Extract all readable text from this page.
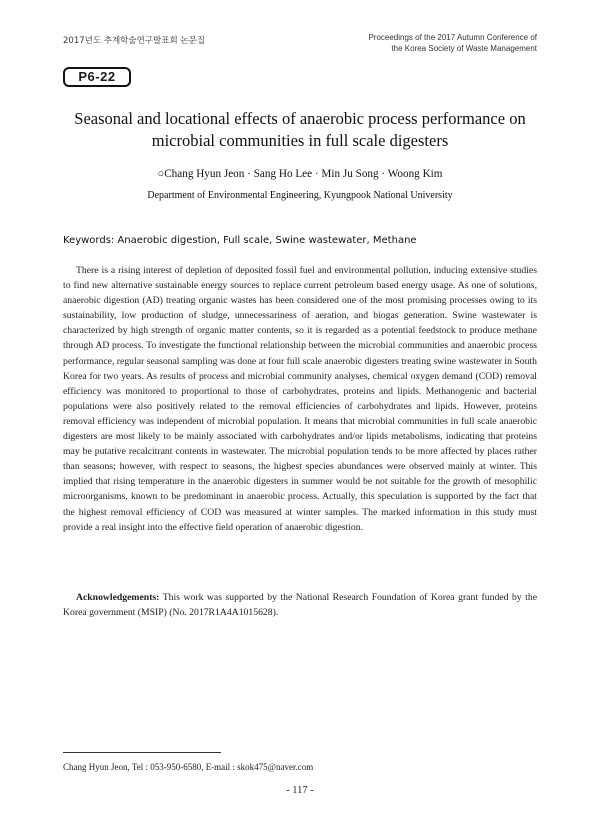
2017년도 추계학술연구발표회 논문집	Proceedings of the 2017 Autumn Conference of
the Korea Society of Waste Management
P6-22
Seasonal and locational effects of anaerobic process performance on microbial communities in full scale digesters
○Chang Hyun Jeon · Sang Ho Lee · Min Ju Song · Woong Kim
Department of Environmental Engineering, Kyungpook National University
Keywords: Anaerobic digestion, Full scale, Swine wastewater, Methane

There is a rising interest of depletion of deposited fossil fuel and environmental pollution, inducing extensive studies to find new alternative sustainable energy sources to replace current petroleum based energy usage. As one of solutions, anaerobic digestion (AD) treating organic wastes has been considered one of the most promising processes owing to its sustainability, low production of sludge, unnecessariness of aeration, and biogas generation. Swine wastewater is characterized by high strength of organic matter contents, so it is regarded as a potential feedstock to produce methane through AD process. To investigate the functional relationship between the microbial communities and anaerobic process performance, regular seasonal sampling was done at four full scale anaerobic digesters treating swine wastewater in South Korea for two years. As results of process and microbial community analyses, chemical oxygen demand (COD) removal efficiency was monitored to proportional to those of carbohydrates, proteins and lipids. Methanogenic and bacterial populations were also positively related to the removal efficiencies of carbohydrates and lipids. However, proteins removal efficiency was independent of microbial population. It means that microbial communities in full scale anaerobic digesters are most likely to be mainly associated with carbohydrates and/or lipids metabolisms, indicating that proteins may be putative recalcitrant contents in wastewater. The microbial population tends to be more affected by places rather than seasons; however, with respect to seasons, the highest species abundances were observed mainly at winter. This implied that rising temperature in the anaerobic digesters in summer would be not suitable for the growth of mesophilic microorganisms, known to be predominant in anaerobic process. Actually, this speculation is supported by the fact that the highest removal efficiency of COD was measured at winter samples. The marked information in this study must provide a real insight into the effective field operation of anaerobic digestion.

Acknowledgements: This work was supported by the National Research Foundation of Korea grant funded by the Korea government (MSIP) (No. 2017R1A4A1015628).

Chang Hyun Jeon, Tel : 053-950-6580, E-mail : skok475@naver.com
- 117 -
